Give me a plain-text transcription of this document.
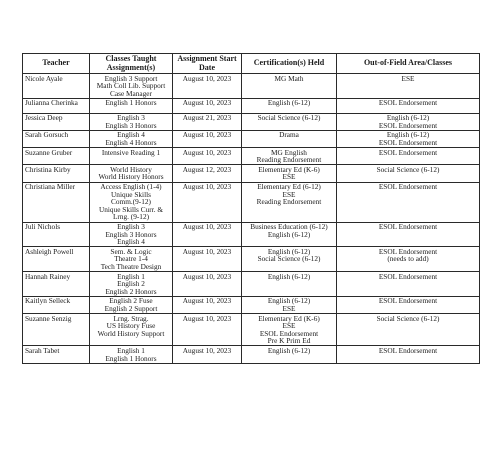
Teacher	Classes Taught Assignment(s)	Assignment Start Date	Certification(s) Held	Out-of-Field Area/Classes
Nicole Ayale	English 3 Support
Math Coll Lib. Support
Case Manager	August 10, 2023	MG Math	ESE

Julianna Cherinka	English 1 Honors	August 10, 2023	English (6-12)	ESOL Endorsement

Jessica Deep	English 3
English 3 Honors	August 21, 2023	Social Science (6-12)	English (6-12)
ESOL Endorsement

Sarah Gorsuch	English 4
English 4 Honors	August 10, 2023	Drama	English (6-12)
ESOL Endorsement

Suzanne Gruber	Intensive Reading 1	August 10, 2023	MG English
Reading Endorsement	ESOL Endorsement

Christina Kirby	World History
World History Honors	August 12, 2023	Elementary Ed (K-6)
ESE	Social Science (6-12)

Christiana Miller	Access English (1-4)
Unique Skills
Comm.(9-12)
Unique Skills Curr. &
Lrng. (9-12)	August 10, 2023	Elementary Ed (6-12)
ESE
Reading Endorsement	ESOL Endorsement

Juli Nichols	English 3
English 3 Honors
English 4	August 10, 2023	Business Education (6-12)
English (6-12)	ESOL Endorsement

Ashleigh Powell	Sem. & Logic
Theatre 1-4
Tech Theatre Design	August 10, 2023	English (6-12)
Social Science (6-12)	ESOL Endorsement
(needs to add)

Hannah Rainey	English 1
English 2
English 2 Honors	August 10, 2023	English (6-12)	ESOL Endorsement

Kaitlyn Selleck	English 2 Fuse
English 2 Support	August 10, 2023	English (6-12)
ESE	ESOL Endorsement

Suzanne Senzig	Lrng. Strag.
US History Fuse
World History Support	August 10, 2023	Elementary Ed (K-6)
ESE
ESOL Endorsement
Pre K Prim Ed	Social Science (6-12)

Sarah Tabet	English 1
English 1 Honors	August 10, 2023	English (6-12)	ESOL Endorsement
